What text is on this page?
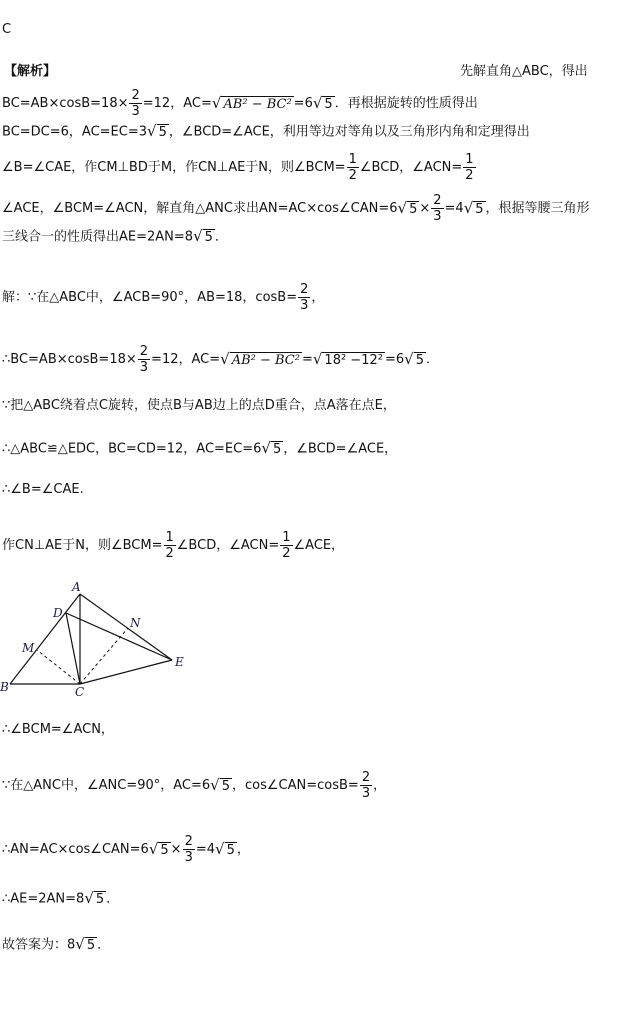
C
【解析】	先解直角△ABC，得出
$BC=AB\times\cos B=18\times \frac{2}{3} =12$，AC=√ AB² − BC² =6√ 5 ．再根据旋转的性质得出
BC=DC=6，AC=EC=3√ 5 ，∠BCD=∠ACE，利用等边对等角以及三角形内角和定理得出
∠B=∠CAE，作CM⊥BD于M，作CN⊥AE于N，则∠BCM= $\frac{1}{2}$ ∠BCD，∠ACN= $\frac{1}{2}$
∠ACE，∠BCM=∠ACN，解直角△ANC求出AN=AC×cos∠CAN=6√ $5 \times \frac{2}{3} =4√$ 5 ，根据等腰三角形
三线合一的性质得出AE=2AN=8√ 5 ．
解：∵在△ABC中，∠ACB=90°，AB=18，$\cos B= \frac{2}{3}$ ，
∴BC=AB×cosB=18× $\frac{2}{3} =12$，AC=√ AB² − BC² =√ 18² −12² =6√ 5 ．
∵把△ABC绕着点C旋转，使点B与AB边上的点D重合，点A落在点E，
∴△ABC≌△EDC，BC=CD=12，AC=EC=6√ 5 ，∠BCD=∠ACE，
∴∠B=∠CAE.
作CN⊥AE于N，则∠BCM= $\frac{1}{2}$ ∠BCD，∠ACN= $\frac{1}{2}$ ∠ACE，
A
D
N
M
E
B	C
∴∠BCM=∠ACN，
∵在△ANC中，∠ANC=90°，AC=6√ 5 ，cos∠CAN=cosB= $\frac{2}{3}$ ，
∴AN=AC×cos∠CAN=6√ $5 \times \frac{2}{3} =4√$ 5 ，
∴AE=2AN=8√ 5 ．
故答案为：8√ 5 ．
